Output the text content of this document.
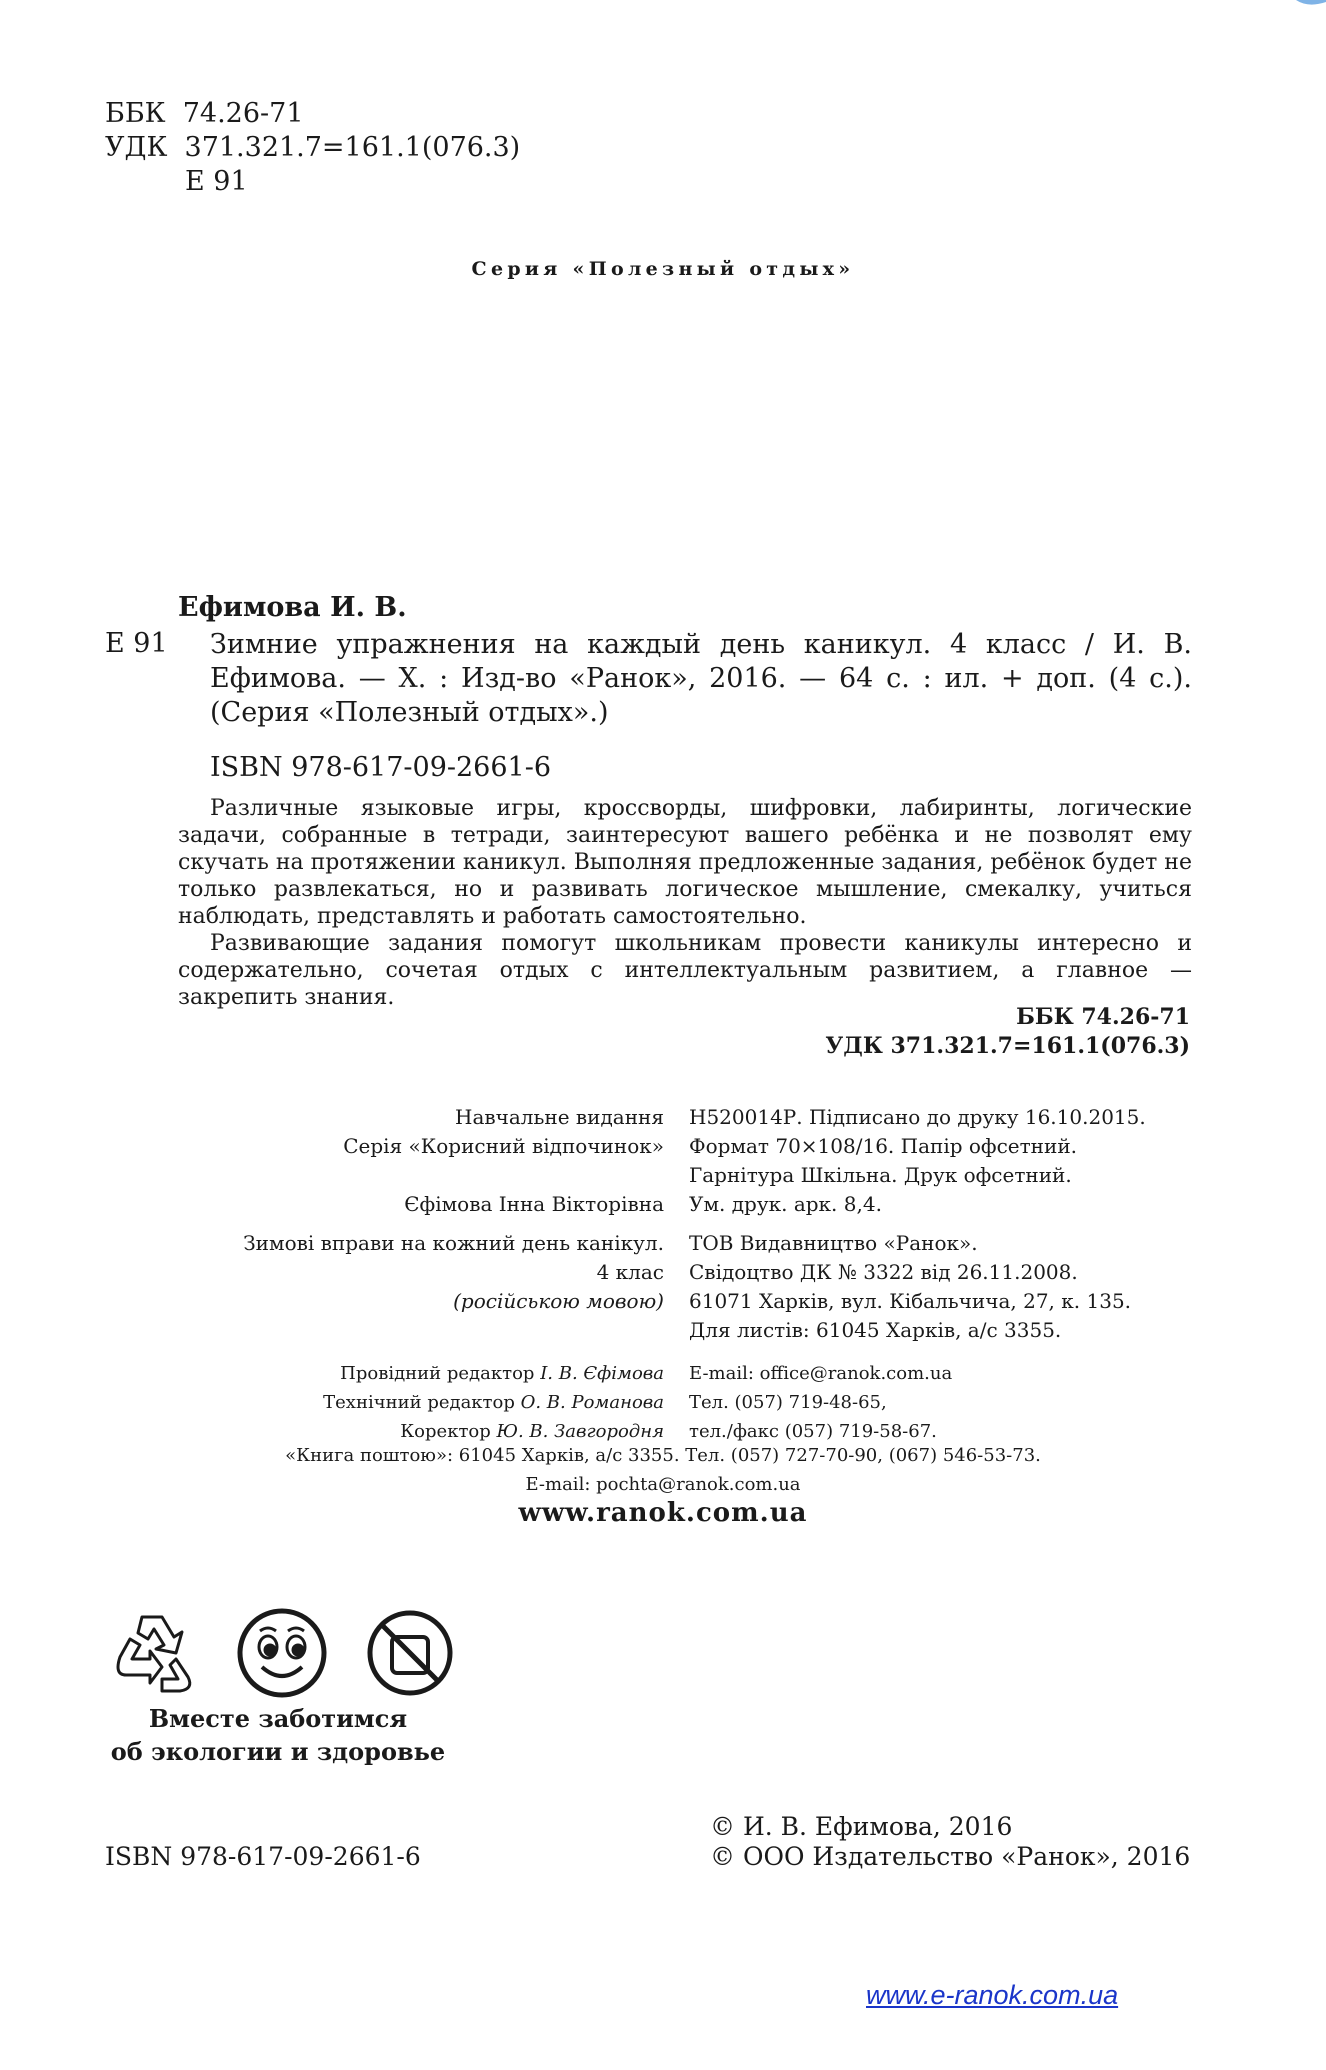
ББК  74.26-71
УДК  371.321.7=161.1(076.3)
Е 91
Серия «Полезный отдых»
Ефимова И. В.
Е 91 Зимние упражнения на каждый день каникул. 4 класс / И. В. Ефимова. — Х. : Изд-во «Ранок», 2016. — 64 с. : ил. + доп. (4 с.). (Серия «Полезный отдых».)
ISBN 978-617-09-2661-6

Различные языковые игры, кроссворды, шифровки, лабиринты, логические задачи, собранные в тетради, заинтересуют вашего ребёнка и не позволят ему скучать на протяжении каникул. Выполняя предложенные задания, ребёнок будет не только развлекаться, но и развивать логическое мышление, смекалку, учиться наблюдать, представлять и работать самостоятельно.

Развивающие задания помогут школьникам провести каникулы интересно и содержательно, сочетая отдых с интеллектуальным развитием, а главное — закрепить знания.

ББК 74.26-71
УДК 371.321.7=161.1(076.3)
Навчальне видання
Серія «Корисний відпочинок»
Єфімова Інна Вікторівна
Зимові вправи на кожний день канікул.
4 клас
(російською мовою)
Провідний редактор І. В. Єфімова
Технічний редактор О. В. Романова
Коректор Ю. В. Завгородня
Н520014Р. Підписано до друку 16.10.2015.
Формат 70×108/16. Папір офсетний.
Гарнітура Шкільна. Друк офсетний.
Ум. друк. арк. 8,4.
ТОВ Видавництво «Ранок».
Свідоцтво ДК № 3322 від 26.11.2008.
61071 Харків, вул. Кібальчича, 27, к. 135.
Для листів: 61045 Харків, а/с 3355.
E-mail: office@ranok.com.ua
Тел. (057) 719-48-65,
тел./факс (057) 719-58-67.
«Книга поштою»: 61045 Харків, а/с 3355. Тел. (057) 727-70-90, (067) 546-53-73.
E-mail: pochta@ranok.com.ua
www.ranok.com.ua
Вместе заботимся
об экологии и здоровье
ISBN 978-617-09-2661-6
© И. В. Ефимова, 2016
© ООО Издательство «Ранок», 2016
www.e-ranok.com.ua
